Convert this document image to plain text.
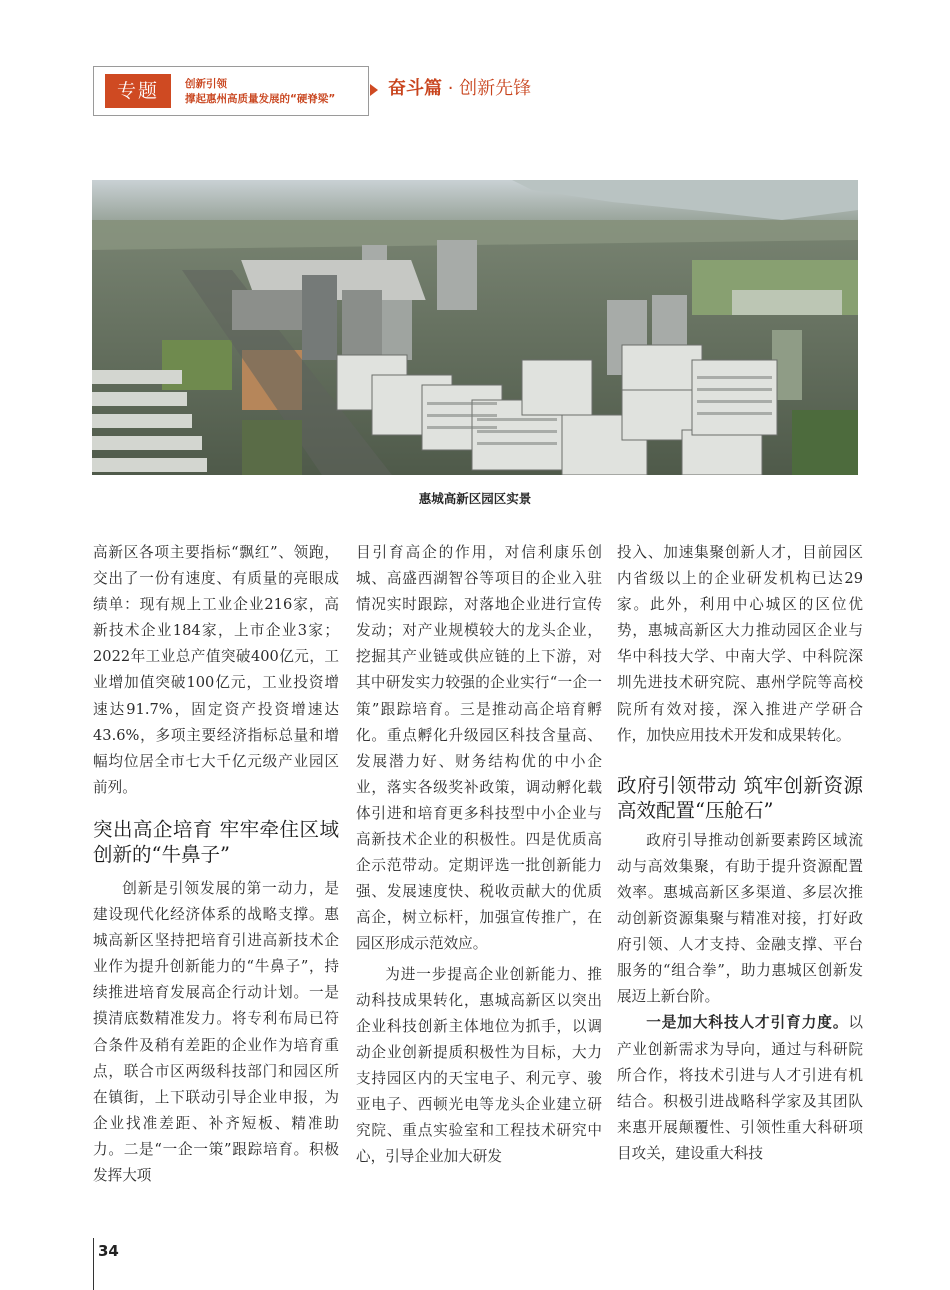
专题	创新引领
撑起惠州高质量发展的“硬脊梁”	奋斗篇 · 创新先锋
惠城高新区园区实景

高新区各项主要指标“飘红”、领跑，交出了一份有速度、有质量的亮眼成绩单：现有规上工业企业216家，高新技术企业184家，上市企业3家；2022年工业总产值突破400亿元，工业增加值突破100亿元，工业投资增速达91.7%，固定资产投资增速达43.6%，多项主要经济指标总量和增幅均位居全市七大千亿元级产业园区前列。

突出高企培育 牢牢牵住区域创新的“牛鼻子”

创新是引领发展的第一动力，是建设现代化经济体系的战略支撑。惠城高新区坚持把培育引进高新技术企业作为提升创新能力的“牛鼻子”，持续推进培育发展高企行动计划。一是摸清底数精准发力。将专利布局已符合条件及稍有差距的企业作为培育重点，联合市区两级科技部门和园区所在镇街，上下联动引导企业申报，为企业找准差距、补齐短板、精准助力。二是“一企一策”跟踪培育。积极发挥大项

目引育高企的作用，对信利康乐创城、高盛西湖智谷等项目的企业入驻情况实时跟踪，对落地企业进行宣传发动；对产业规模较大的龙头企业，挖掘其产业链或供应链的上下游，对其中研发实力较强的企业实行“一企一策”跟踪培育。三是推动高企培育孵化。重点孵化升级园区科技含量高、发展潜力好、财务结构优的中小企业，落实各级奖补政策，调动孵化载体引进和培育更多科技型中小企业与高新技术企业的积极性。四是优质高企示范带动。定期评选一批创新能力强、发展速度快、税收贡献大的优质高企，树立标杆，加强宣传推广，在园区形成示范效应。

为进一步提高企业创新能力、推动科技成果转化，惠城高新区以突出企业科技创新主体地位为抓手，以调动企业创新提质积极性为目标，大力支持园区内的天宝电子、利元亨、骏亚电子、西顿光电等龙头企业建立研究院、重点实验室和工程技术研究中心，引导企业加大研发

投入、加速集聚创新人才，目前园区内省级以上的企业研发机构已达29家。此外，利用中心城区的区位优势，惠城高新区大力推动园区企业与华中科技大学、中南大学、中科院深圳先进技术研究院、惠州学院等高校院所有效对接，深入推进产学研合作，加快应用技术开发和成果转化。

政府引领带动 筑牢创新资源高效配置“压舱石”

政府引导推动创新要素跨区域流动与高效集聚，有助于提升资源配置效率。惠城高新区多渠道、多层次推动创新资源集聚与精准对接，打好政府引领、人才支持、金融支撑、平台服务的“组合拳”，助力惠城区创新发展迈上新台阶。

一是加大科技人才引育力度。以产业创新需求为导向，通过与科研院所合作，将技术引进与人才引进有机结合。积极引进战略科学家及其团队来惠开展颠覆性、引领性重大科研项目攻关，建设重大科技

34
